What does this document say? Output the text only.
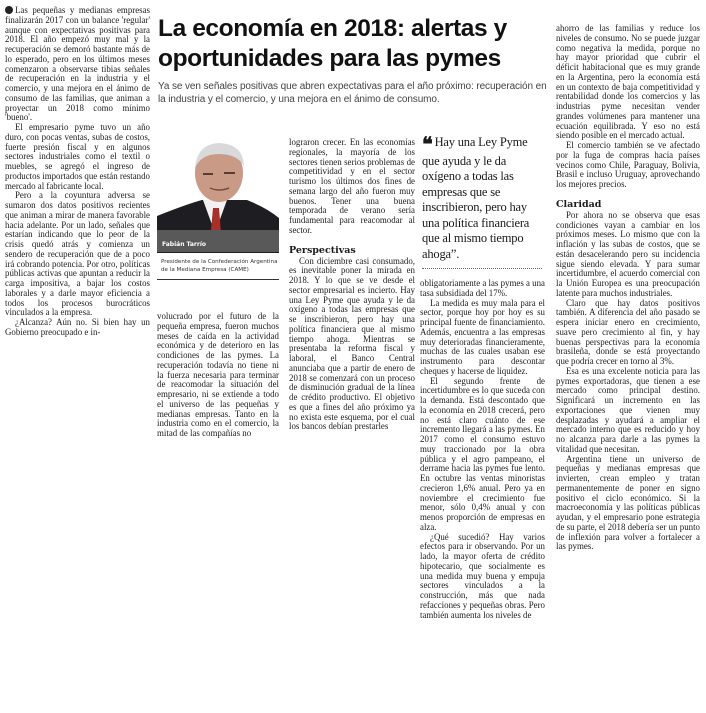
La economía en 2018: alertas y oportunidades para las pymes

Ya se ven señales positivas que abren expectativas para el año próximo: recuperación en la industria y el comercio, y una mejora en el ánimo de consumo.

Las pequeñas y medianas empresas finalizarán 2017 con un balance 'regular' aunque con expectativas positivas para 2018. El año empezó muy mal y la recuperación se demoró bastante más de lo esperado, pero en los últimos meses comenzaron a observarse tibias señales de recuperación en la industria y el comercio, y una mejora en el ánimo de consumo de las familias, que animan a proyectar un 2018 como mínimo 'bueno'.

El empresario pyme tuvo un año duro, con pocas ventas, subas de costos, fuerte presión fiscal y en algunos sectores industriales como el textil o muebles, se agregó el ingreso de productos importados que están restando mercado al fabricante local.

Pero a la coyuntura adversa se sumaron dos datos positivos recientes que animan a mirar de manera favorable hacia adelante. Por un lado, señales que estarían indicando que lo peor de la crisis quedó atrás y comienza un sendero de recuperación que de a poco irá cobrando potencia. Por otro, políticas públicas activas que apuntan a reducir la carga impositiva, a bajar los costos laborales y a darle mayor eficiencia a todos los procesos burocráticos vinculados a la empresa.

¿Alcanza? Aún no. Si bien hay un Gobierno preocupado e in-

Fabián Tarrío
Presidente de la Confederación Argentina de la Mediana Empresa (CAME)

volucrado por el futuro de la pequeña empresa, fueron muchos meses de caída en la actividad económica y de deterioro en las condiciones de las pymes. La recuperación todavía no tiene ni la fuerza necesaria para terminar de reacomodar la situación del empresario, ni se extiende a todo el universo de las pequeñas y medianas empresas. Tanto en la industria como en el comercio, la mitad de las compañías no

lograron crecer. En las economías regionales, la mayoría de los sectores tienen serios problemas de competitividad y en el sector turismo los últimos dos fines de semana largo del año fueron muy buenos. Tener una buena temporada de verano sería fundamental para reacomodar al sector.

Perspectivas

Con diciembre casi consumado, es inevitable poner la mirada en 2018. Y lo que se ve desde el sector empresarial es incierto. Hay una Ley Pyme que ayuda y le da oxígeno a todas las empresas que se inscribieron, pero hay una política financiera que al mismo tiempo ahoga. Mientras se presentaba la reforma fiscal y laboral, el Banco Central anunciaba que a partir de enero de 2018 se comenzará con un proceso de disminución gradual de la línea de crédito productivo. El objetivo es que a fines del año próximo ya no exista este esquema, por el cual los bancos debían prestarles

❝ Hay una Ley Pyme que ayuda y le da oxígeno a todas las empresas que se inscribieron, pero hay una política financiera que al mismo tiempo ahoga”.

obligatoriamente a las pymes a una tasa subsidiada del 17%.

La medida es muy mala para el sector, porque hoy por hoy es su principal fuente de financiamiento. Además, encuentra a las empresas muy deterioradas financieramente, muchas de las cuales usaban ese instrumento para descontar cheques y hacerse de liquidez.

El segundo frente de incertidumbre es lo que suceda con la demanda. Está descontado que la economía en 2018 crecerá, pero no está claro cuánto de ese incremento llegará a las pymes. En 2017 como el consumo estuvo muy traccionado por la obra pública y el agro pampeano, el derrame hacia las pymes fue lento. En octubre las ventas minoristas crecieron 1,6% anual. Pero ya en noviembre el crecimiento fue menor, sólo 0,4% anual y con menos proporción de empresas en alza.

¿Qué sucedió? Hay varios efectos para ir observando. Por un lado, la mayor oferta de crédito hipotecario, que socialmente es una medida muy buena y empuja sectores vinculados a la construcción, más que nada refacciones y pequeñas obras. Pero también aumenta los niveles de

ahorro de las familias y reduce los niveles de consumo. No se puede juzgar como negativa la medida, porque no hay mayor prioridad que cubrir el déficit habitacional que es muy grande en la Argentina, pero la economía está en un contexto de baja competitividad y rentabilidad donde los comercios y las industrias pyme necesitan vender grandes volúmenes para mantener una ecuación equilibrada. Y eso no está siendo posible en el mercado actual.

El comercio también se ve afectado por la fuga de compras hacia países vecinos como Chile, Paraguay, Bolivia, Brasil e incluso Uruguay, aprovechando los mejores precios.

Claridad

Por ahora no se observa que esas condiciones vayan a cambiar en los próximos meses. Lo mismo que con la inflación y las subas de costos, que se están desacelerando pero su incidencia sigue siendo elevada. Y para sumar incertidumbre, el acuerdo comercial con la Unión Europea es una preocupación latente para muchos industriales.

Claro que hay datos positivos también. A diferencia del año pasado se espera iniciar enero en crecimiento, suave pero crecimiento al fin, y hay buenas perspectivas para la economía brasileña, donde se está proyectando que podría crecer en torno al 3%.

Esa es una excelente noticia para las pymes exportadoras, que tienen a ese mercado como principal destino. Significará un incremento en las exportaciones que vienen muy desplazadas y ayudará a ampliar el mercado interno que es reducido y hoy no alcanza para darle a las pymes la vitalidad que necesitan.

Argentina tiene un universo de pequeñas y medianas empresas que invierten, crean empleo y tratan permanentemente de poner en signo positivo el ciclo económico. Si la macroeconomía y las políticas públicas ayudan, y el empresario pone estrategia de su parte, el 2018 debería ser un punto de inflexión para volver a fortalecer a las pymes.
